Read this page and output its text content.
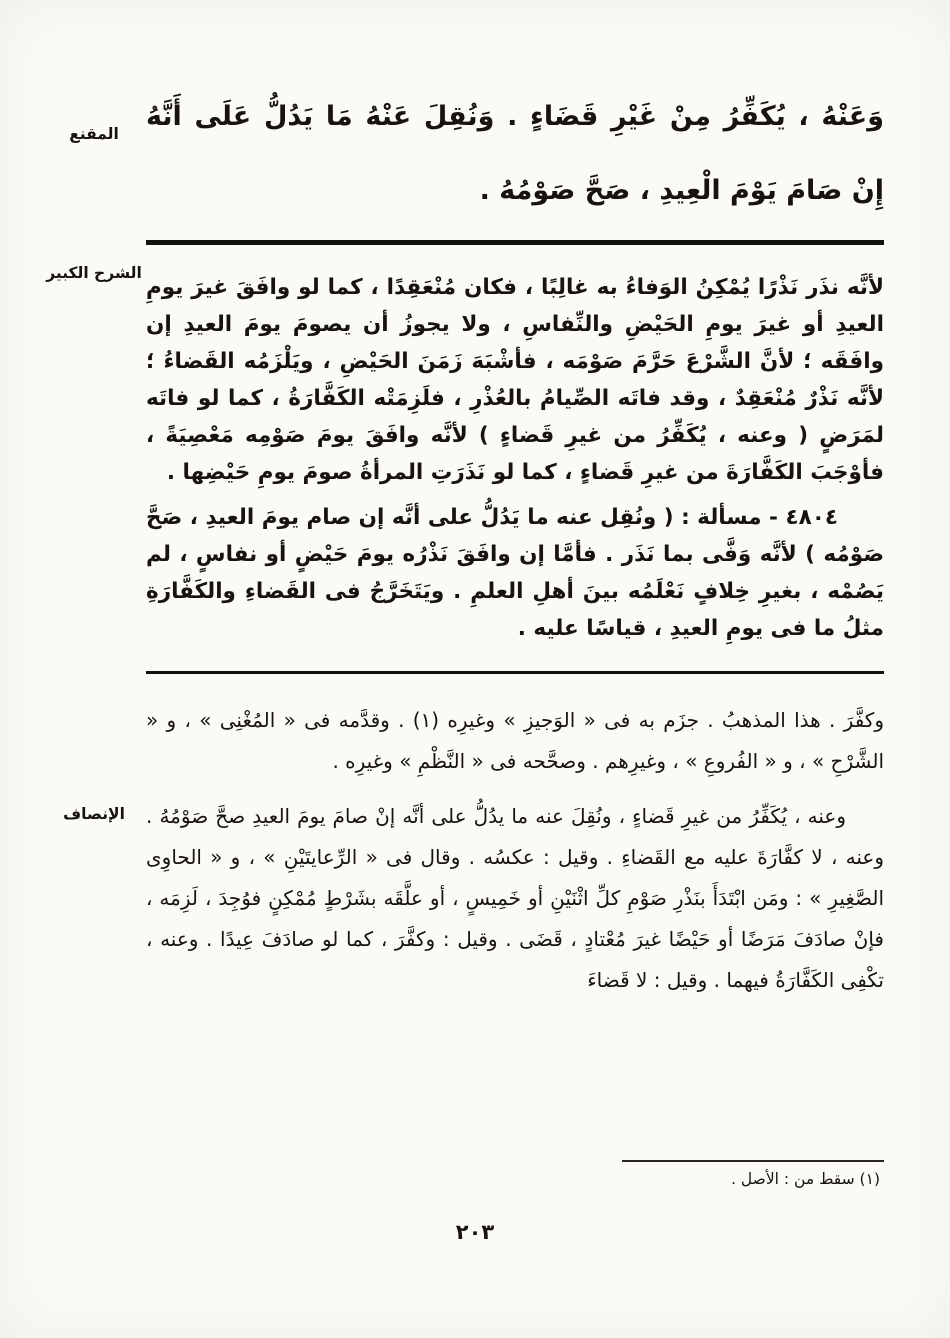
المقنع
الشرح الكبير
الإنصاف
وَعَنْهُ ، يُكَفِّرُ مِنْ غَيْرِ قَضَاءٍ . وَنُقِلَ عَنْهُ مَا يَدُلُّ عَلَى أَنَّهُ إِنْ صَامَ يَوْمَ الْعِيدِ ، صَحَّ صَوْمُهُ .

لأنَّه نذَر نَذْرًا يُمْكِنُ الوَفاءُ به غالِبًا ، فكان مُنْعَقِدًا ، كما لو وافَقَ غيرَ يومِ العيدِ أو غيرَ يومِ الحَيْضِ والنِّفاسِ ، ولا يجوزُ أن يصومَ يومَ العيدِ إن وافَقَه ؛ لأنَّ الشَّرْعَ حَرَّمَ صَوْمَه ، فأشْبَهَ زَمَنَ الحَيْضِ ، ويَلْزَمُه القَضاءُ ؛ لأنَّه نَذْرٌ مُنْعَقِدٌ ، وقد فاتَه الصِّيامُ بالعُذْرِ ، فلَزِمَتْه الكَفَّارَةُ ، كما لو فاتَه لمَرَضٍ ( وعنه ، يُكَفِّرُ من غيرِ قَضاءٍ ) لأنَّه وافَقَ يومَ صَوْمِه مَعْصِيَةً ، فأوْجَبَ الكَفَّارَةَ من غيرِ قَضاءٍ ، كما لو نَذَرَتِ المرأةُ صومَ يومِ حَيْضِها .

٤٨٠٤ - مسألة : ( ونُقِل عنه ما يَدُلُّ على أنَّه إن صام يومَ العيدِ ، صَحَّ صَوْمُه ) لأنَّه وَفَّى بما نَذَر . فأمَّا إن وافَقَ نَذْرُه يومَ حَيْضٍ أو نفاسٍ ، لم يَصُمْه ، بغيرِ خِلافٍ نَعْلَمُه بينَ أهلِ العلمِ . ويَتَخَرَّجُ فى القَضاءِ والكَفَّارَةِ مثلُ ما فى يومِ العيدِ ، قياسًا عليه .

وكفَّرَ . هذا المذهبُ . جزَم به فى « الوَجيزِ » وغيرِه (١) . وقدَّمه فى « المُغْنِى » ، و « الشَّرْحِ » ، و « الفُروعِ » ، وغيرِهم . وصحَّحه فى « النَّظْمِ » وغيرِه .

وعنه ، يُكَفِّرُ من غيرِ قَضاءٍ ، ونُقِلَ عنه ما يدُلُّ على أنَّه إنْ صامَ يومَ العيدِ صحَّ صَوْمُهُ . وعنه ، لا كفَّارَةَ عليه مع القَضاءِ . وقيل : عكسُه . وقال فى « الرِّعايتَيْنِ » ، و « الحاوِى الصَّغِيرِ » : ومَن ابْتَدَأَ بنَذْرِ صَوْمِ كلِّ اثْنَيْنِ أو خَمِيسٍ ، أو علَّقَه بشَرْطٍ مُمْكِنٍ فوُجِدَ ، لَزِمَه ، فإنْ صادَفَ مَرَضًا أو حَيْضًا غيرَ مُعْتادٍ ، قَضَى . وقيل : وكفَّرَ ، كما لو صادَفَ عِيدًا . وعنه ، تكْفِى الكَفَّارَةُ فيهما . وقيل : لا قَضاءَ

(١) سقط من : الأصل .
٢٠٣
